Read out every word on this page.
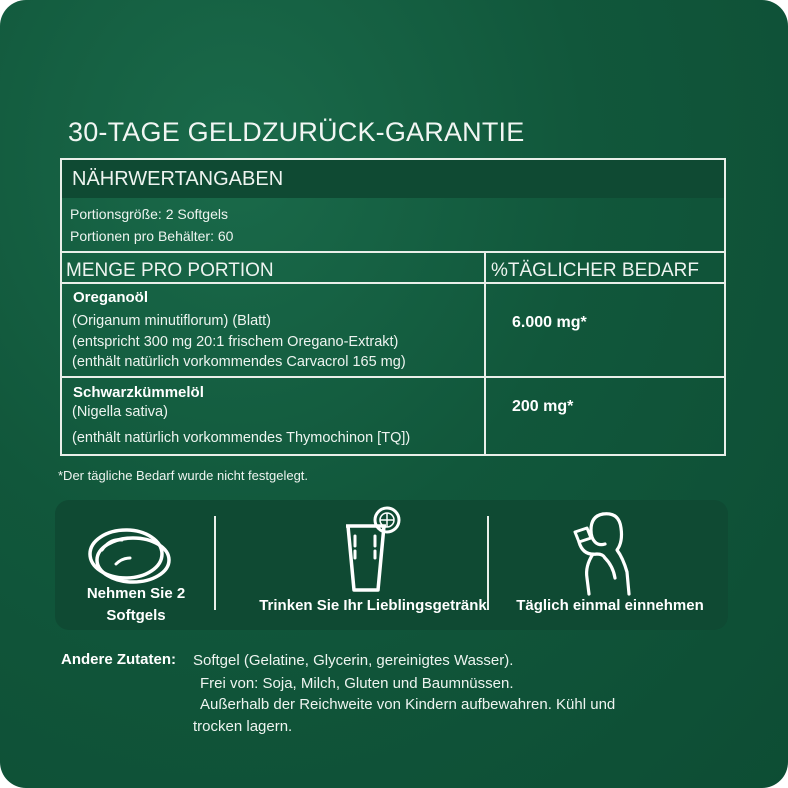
30-TAGE GELDZURÜCK-GARANTIE
NÄHRWERTANGABEN
Portionsgröße: 2 Softgels
Portionen pro Behälter: 60
MENGE PRO PORTION	%TÄGLICHER BEDARF
Oreganoöl
(Origanum minutiflorum) (Blatt)
(entspricht 300 mg 20:1 frischem Oregano-Extrakt)
(enthält natürlich vorkommendes Carvacrol 165 mg)
6.000 mg*
Schwarzkümmelöl
(Nigella sativa)
(enthält natürlich vorkommendes Thymochinon [TQ])
200 mg*
*Der tägliche Bedarf wurde nicht festgelegt.
Nehmen Sie 2
Softgels
Trinken Sie Ihr Lieblingsgetränk	Täglich einmal einnehmen
Andere Zutaten: Softgel (Gelatine, Glycerin, gereinigtes Wasser).
Frei von: Soja, Milch, Gluten und Baumnüssen.
Außerhalb der Reichweite von Kindern aufbewahren. Kühl und
trocken lagern.
